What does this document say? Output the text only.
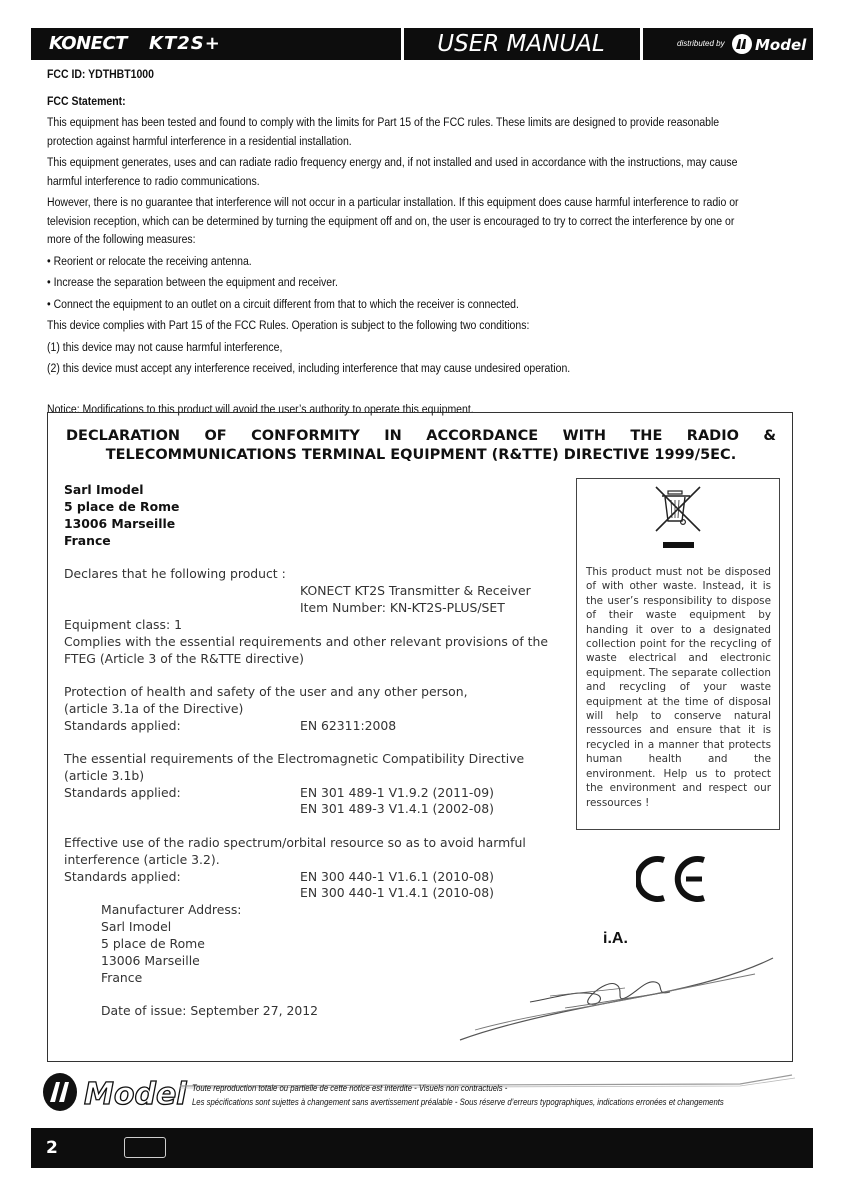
KONECT KT2S+	USER MANUAL	distributed by Model

FCC ID: YDTHBT1000

FCC Statement:

This equipment has been tested and found to comply with the limits for Part 15 of the FCC rules. These limits are designed to provide reasonable

protection against harmful interference in a residential installation.

This equipment generates, uses and can radiate radio frequency energy and, if not installed and used in accordance with the instructions, may cause

harmful interference to radio communications.

However, there is no guarantee that interference will not occur in a particular installation. If this equipment does cause harmful interference to radio or

television reception, which can be determined by turning the equipment off and on, the user is encouraged to try to correct the interference by one or

more of the following measures:

• Reorient or relocate the receiving antenna.

• Increase the separation between the equipment and receiver.

• Connect the equipment to an outlet on a circuit different from that to which the receiver is connected.

This device complies with Part 15 of the FCC Rules. Operation is subject to the following two conditions:

(1) this device may not cause harmful interference,

(2) this device must accept any interference received, including interference that may cause undesired operation.

Notice: Modifications to this product will avoid the user’s authority to operate this equipment.

DECLARATION OF CONFORMITY IN ACCORDANCE WITH THE RADIO & TELECOMMUNICATIONS TERMINAL EQUIPMENT (R&TTE) DIRECTIVE 1999/5EC.
Sarl Imodel
5 place de Rome
13006 Marseille
France
Declares that he following product :
KONECT KT2S Transmitter & Receiver
Item Number: KN-KT2S-PLUS/SET
Equipment class: 1
Complies with the essential requirements and other relevant provisions of the
FTEG (Article 3 of the R&TTE directive)
Protection of health and safety of the user and any other person,
(article 3.1a of the Directive)
Standards applied:	EN 62311:2008
The essential requirements of the Electromagnetic Compatibility Directive
(article 3.1b)
Standards applied:	EN 301 489-1 V1.9.2 (2011-09)
EN 301 489-3 V1.4.1 (2002-08)
Effective use of the radio spectrum/orbital resource so as to avoid harmful
interference (article 3.2).
Standards applied:	EN 300 440-1 V1.6.1 (2010-08)
EN 300 440-1 V1.4.1 (2010-08)
Manufacturer Address:
Sarl Imodel
5 place de Rome
13006 Marseille
France
Date of issue: September 27, 2012
This product must not be disposed of with other waste. Instead, it is the user’s responsibility to dispose of their waste equipment by handing it over to a designated collection point for the recycling of waste electrical and electronic equipment. The separate collection and recycling of your waste equipment at the time of disposal will help to conserve natural ressources and ensure that it is recycled in a manner that protects human health and the environment. Help us to protect the environment and respect our ressources !
CE
i.A.
Model Toute reproduction totale ou partielle de cette notice est interdite - Visuels non contractuels -
Les spécifications sont sujettes à changement sans avertissement préalable - Sous réserve d’erreurs typographiques, indications erronées et changements
2
